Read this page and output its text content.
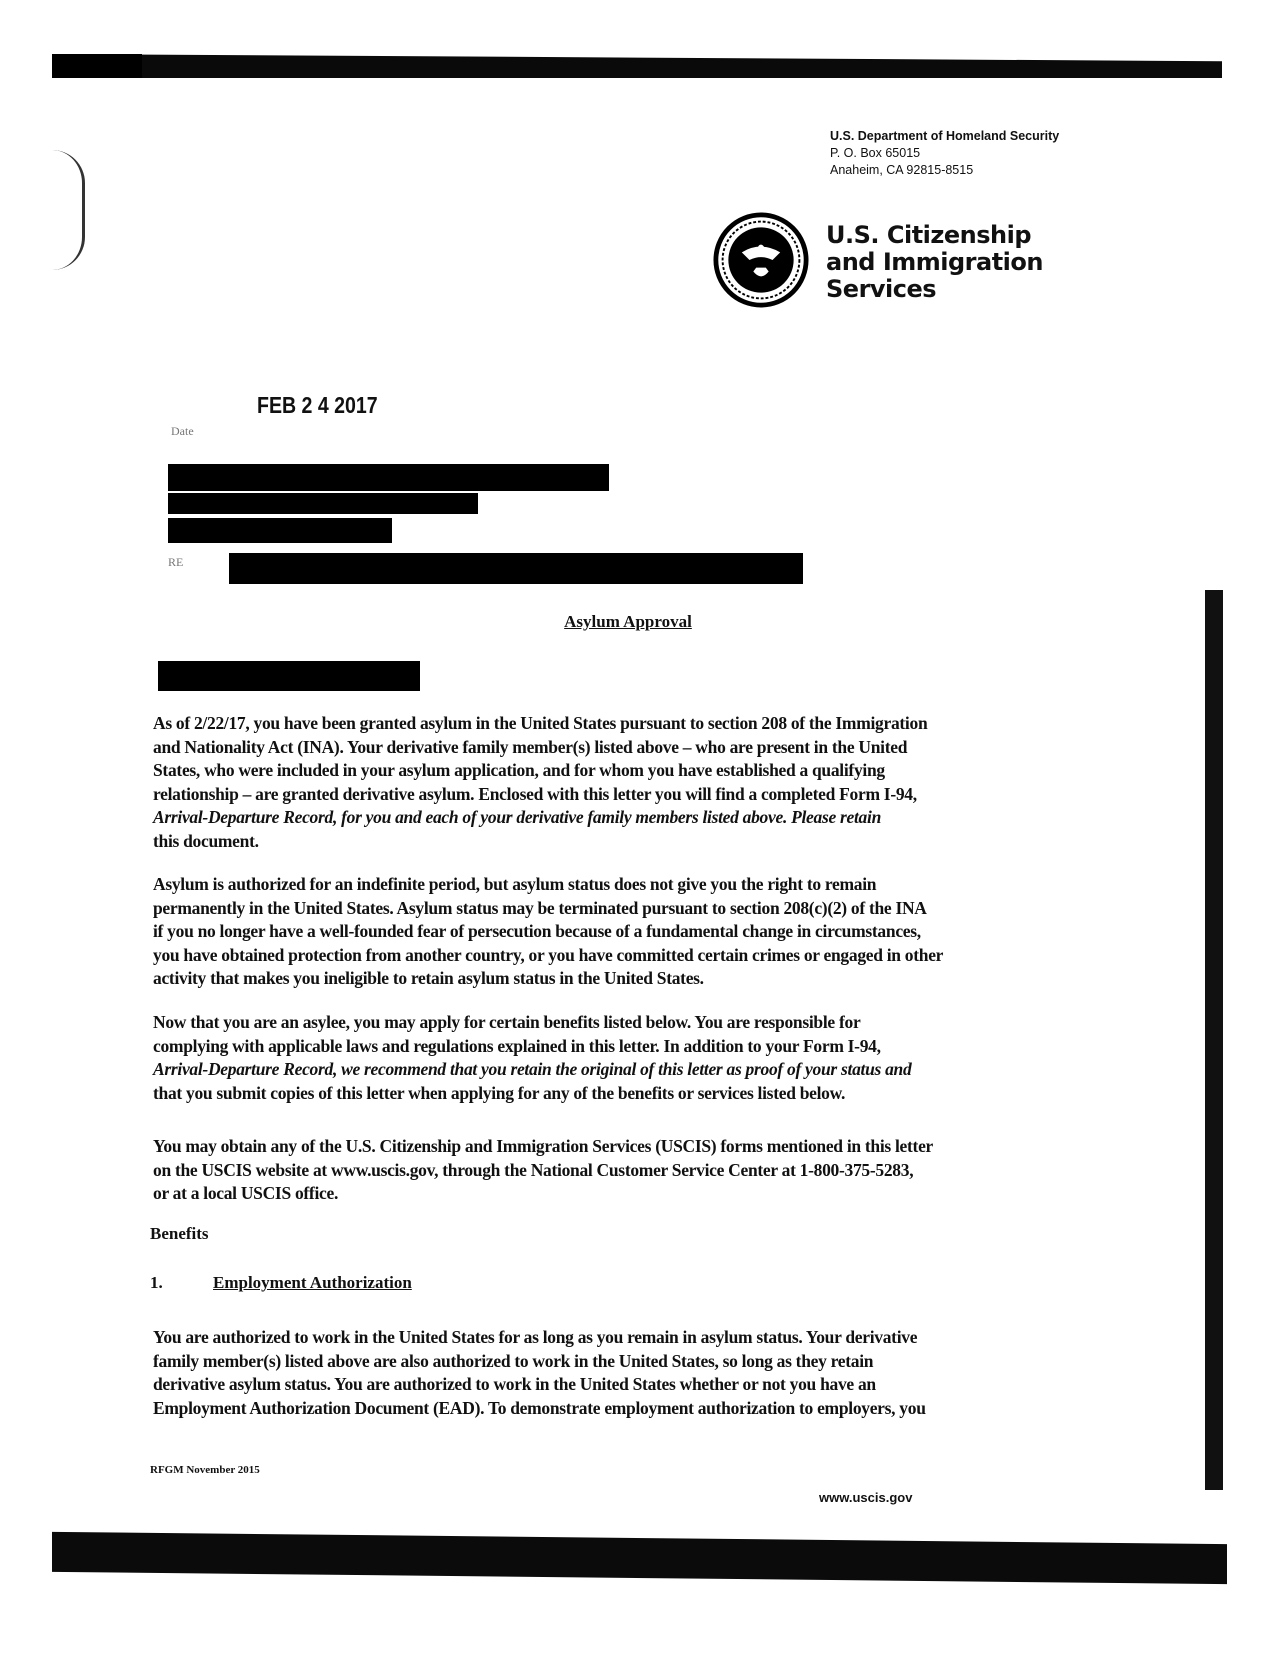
U.S. Department of Homeland Security
P. O. Box 65015
Anaheim, CA 92815-8515
U.S. Citizenship
and Immigration
Services
FEB 2 4 2017
Date
RE
Asylum Approval
As of 2/22/17, you have been granted asylum in the United States pursuant to section 208 of the Immigration
and Nationality Act (INA). Your derivative family member(s) listed above – who are present in the United
States, who were included in your asylum application, and for whom you have established a qualifying
relationship – are granted derivative asylum. Enclosed with this letter you will find a completed Form I-94,
Arrival-Departure Record, for you and each of your derivative family members listed above. Please retain
this document.
Asylum is authorized for an indefinite period, but asylum status does not give you the right to remain
permanently in the United States. Asylum status may be terminated pursuant to section 208(c)(2) of the INA
if you no longer have a well-founded fear of persecution because of a fundamental change in circumstances,
you have obtained protection from another country, or you have committed certain crimes or engaged in other
activity that makes you ineligible to retain asylum status in the United States.
Now that you are an asylee, you may apply for certain benefits listed below. You are responsible for
complying with applicable laws and regulations explained in this letter. In addition to your Form I-94,
Arrival-Departure Record, we recommend that you retain the original of this letter as proof of your status and
that you submit copies of this letter when applying for any of the benefits or services listed below.
You may obtain any of the U.S. Citizenship and Immigration Services (USCIS) forms mentioned in this letter
on the USCIS website at www.uscis.gov, through the National Customer Service Center at 1-800-375-5283,
or at a local USCIS office.
Benefits
1.	Employment Authorization
You are authorized to work in the United States for as long as you remain in asylum status. Your derivative
family member(s) listed above are also authorized to work in the United States, so long as they retain
derivative asylum status. You are authorized to work in the United States whether or not you have an
Employment Authorization Document (EAD). To demonstrate employment authorization to employers, you
RFGM November 2015
www.uscis.gov
